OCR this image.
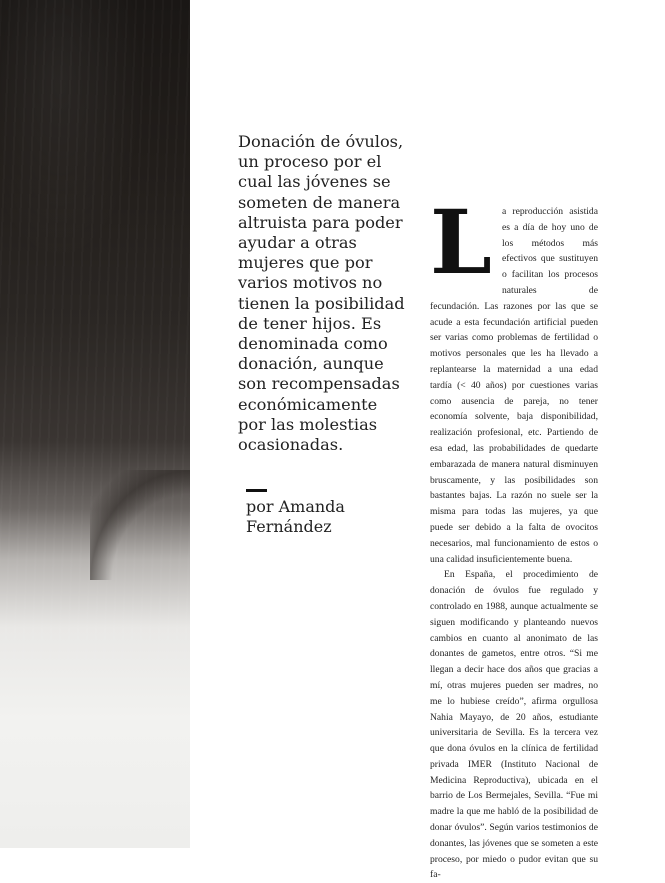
Donación de óvulos, un proceso por el cual las jóvenes se someten de manera altruista para poder ayudar a otras mujeres que por varios motivos no tienen la posibilidad de tener hijos. Es denominada como donación, aunque son recompensadas económicamente por las molestias ocasionadas.

por Amanda Fernández

L	a reproducción asistida es a día de hoy uno de los métodos más efectivos que sustituyen o facilitan los procesos naturales de fecundación. Las razones por las que se acude a esta fecundación artificial pueden ser varias como problemas de fertilidad o motivos personales que les ha llevado a replantearse la maternidad a una edad tardía (< 40 años) por cuestiones varias como ausencia de pareja, no tener economía solvente, baja disponibilidad, realización profesional, etc. Partiendo de esa edad, las probabilidades de quedarte embarazada de manera natural disminuyen bruscamente, y las posibilidades son bastantes bajas. La razón no suele ser la misma para todas las mujeres, ya que puede ser debido a la falta de ovocitos necesarios, mal funcionamiento de estos o una calidad insuficientemente buena.

En España, el procedimiento de donación de óvulos fue regulado y controlado en 1988, aunque actualmente se siguen modificando y planteando nuevos cambios en cuanto al anonimato de las donantes de gametos, entre otros. “Si me llegan a decir hace dos años que gracias a mí, otras mujeres pueden ser madres, no me lo hubiese creído”, afirma orgullosa Nahia Mayayo, de 20 años, estudiante universitaria de Sevilla. Es la tercera vez que dona óvulos en la clínica de fertilidad privada IMER (Instituto Nacional de Medicina Reproductiva), ubicada en el barrio de Los Bermejales, Sevilla. “Fue mi madre la que me habló de la posibilidad de donar óvulos”. Según varios testimonios de donantes, las jóvenes que se someten a este proceso, por miedo o pudor evitan que su fa-
